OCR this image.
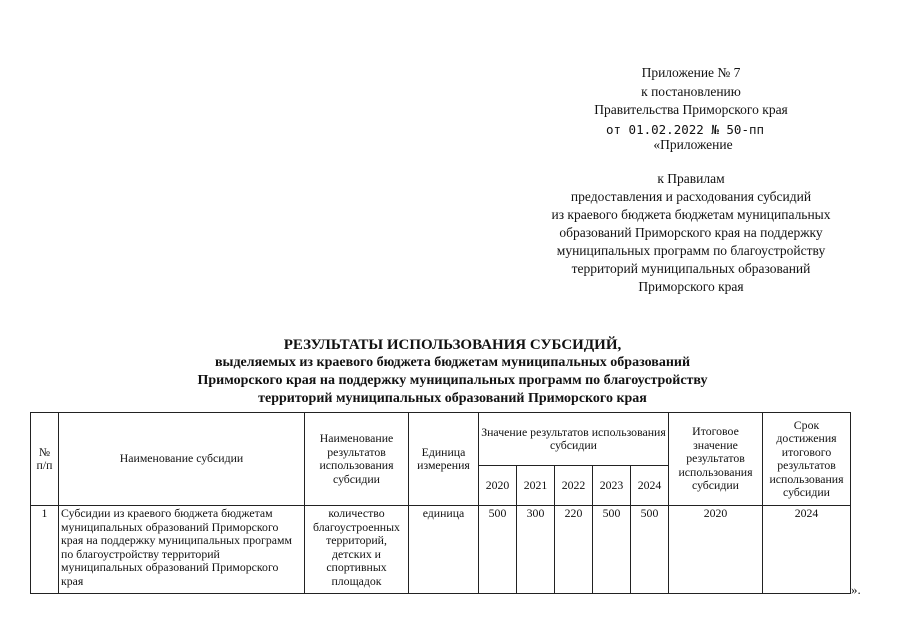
Приложение № 7
к постановлению
Правительства Приморского края
от 01.02.2022 № 50-пп
«Приложение
к Правилам
предоставления и расходования субсидий
из краевого бюджета бюджетам муниципальных
образований Приморского края на поддержку
муниципальных программ по благоустройству
территорий муниципальных образований
Приморского края
РЕЗУЛЬТАТЫ ИСПОЛЬЗОВАНИЯ СУБСИДИЙ,
выделяемых из краевого бюджета бюджетам муниципальных образований
Приморского края на поддержку муниципальных программ по благоустройству
территорий муниципальных образований Приморского края
№ п/п	Наименование субсидии	Наименование результатов использования субсидии	Единица измерения	Значение результатов использования субсидии					Итоговое значение результатов использования субсидии	Срок достижения итогового результатов использования субсидии
				2020	2021	2022	2023	2024		
1	Субсидии из краевого бюджета бюджетам муниципальных образований Приморского края на поддержку муниципальных программ по благоустройству территорий муниципальных образований Приморского края	количество благоустроенных территорий, детских и спортивных площадок	единица	500	300	220	500	500	2020	2024
».
